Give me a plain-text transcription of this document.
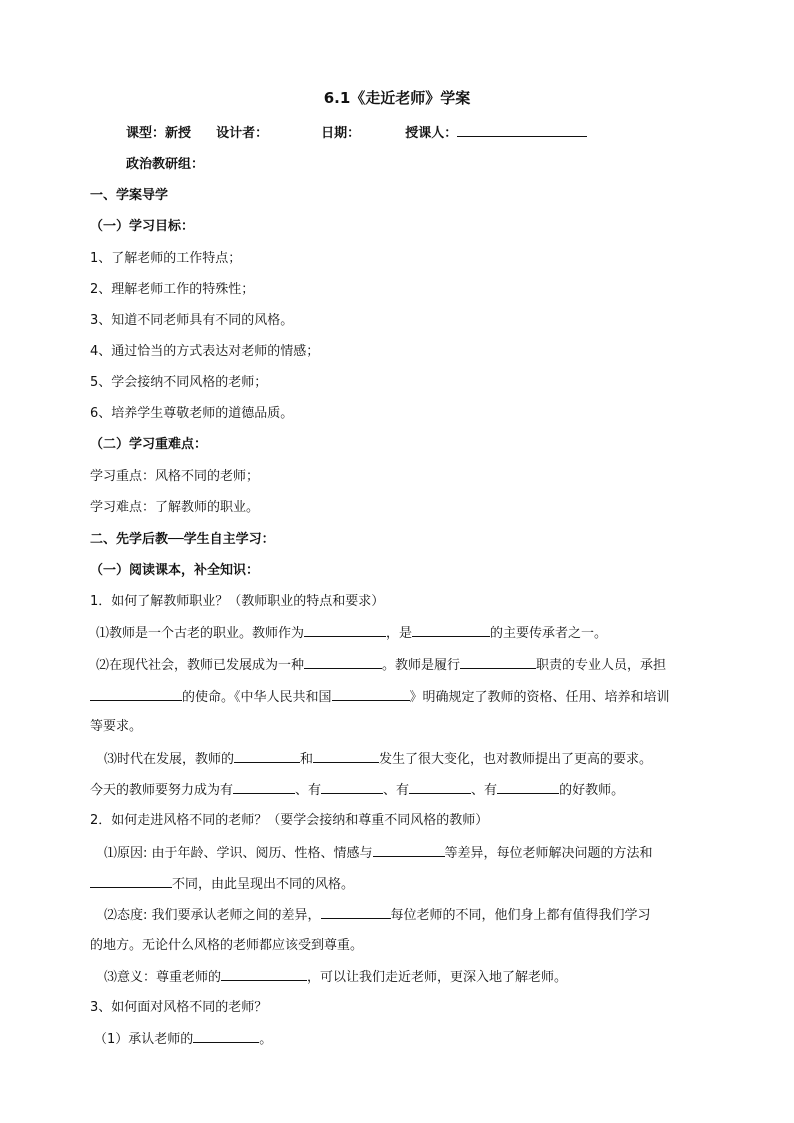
6.1《走近老师》学案
课型：新授 设计者：	日期：	授课人：
政治教研组：
一、学案导学
（一）学习目标：
1、了解老师的工作特点；
2、理解老师工作的特殊性；
3、知道不同老师具有不同的风格。
4、通过恰当的方式表达对老师的情感；
5、学会接纳不同风格的老师；
6、培养学生尊敬老师的道德品质。
（二）学习重难点：
学习重点：风格不同的老师；
学习难点：了解教师的职业。
二、先学后教──学生自主学习：
（一）阅读课本，补全知识：
1．如何了解教师职业？（教师职业的特点和要求）
⑴教师是一个古老的职业。教师作为	，是	的主要传承者之一。
⑵在现代社会，教师已发展成为一种	。教师是履行	职责的专业人员，承担
的使命。《中华人民共和国	》明确规定了教师的资格、任用、培养和培训
等要求。
⑶时代在发展，教师的	和	发生了很大变化，也对教师提出了更高的要求。
今天的教师要努力成为有	、有	、有	、有	的好教师。
2．如何走进风格不同的老师？（要学会接纳和尊重不同风格的教师）
⑴原因: 由于年龄、学识、阅历、性格、情感与	等差异，每位老师解决问题的方法和
不同，由此呈现出不同的风格。
⑵态度: 我们要承认老师之间的差异，	每位老师的不同，他们身上都有值得我们学习
的地方。无论什么风格的老师都应该受到尊重。
⑶意义：尊重老师的	，可以让我们走近老师，更深入地了解老师。
3、如何面对风格不同的老师？
（1）承认老师的	。
